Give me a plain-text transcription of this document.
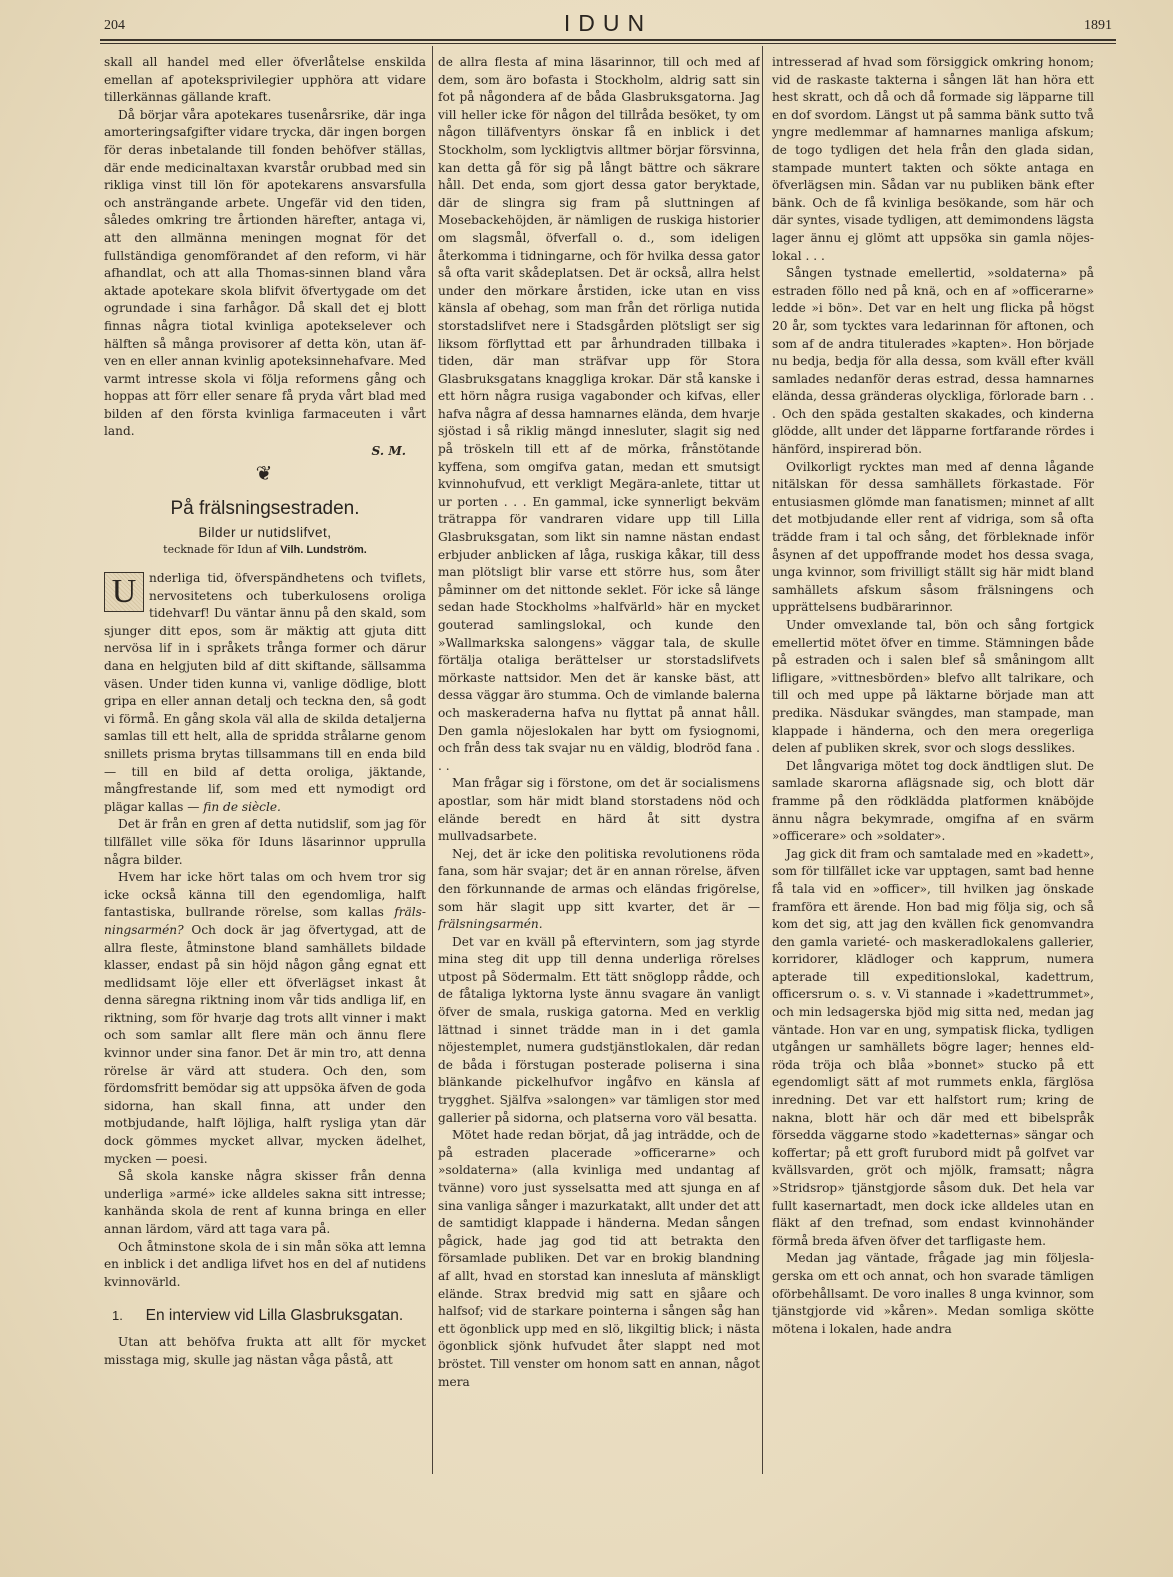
204	IDUN	1891

skall all handel med eller öfverlåtelse enskilda emellan af apoteksprivilegier upphöra att vidare tillerkännas gällande kraft.

Då börjar våra apotekares tusenårsrike, där inga amorteringsafgifter vidare trycka, där ingen borgen för deras inbetalande till fonden behöfver ställas, där ende medicinaltaxan kvarstår orubbad med sin rikliga vinst till lön för apotekarens ansvarsfulla och ansträngande arbete. Ungefär vid den tiden, således omkring tre årtionden härefter, antaga vi, att den allmänna meningen mognat för det fullständiga genomförandet af den reform, vi här afhandlat, och att alla Thomas-sinnen bland våra aktade apotekare skola blifvit öfvertygade om det ogrundade i sina farhågor. Då skall det ej blott finnas några tiotal kvinliga apotekselever och hälften så många provisorer af detta kön, utan äfven en eller annan kvinlig apoteksinnehafvare. Med varmt intresse skola vi följa reformens gång och hoppas att förr eller senare få pryda vårt blad med bilden af den första kvinliga farmaceuten i vårt land.

S. M.
❦
På frälsningsestraden.
Bilder ur nutidslifvet,
tecknade för Idun af Vilh. Lundström.

U	nderliga tid, öfverspändhetens och tviflets, nervositetens och tuberkulosens oroliga tidehvarf! Du väntar ännu på den skald, som sjunger ditt epos, som är mäktig att gjuta ditt nervösa lif in i språkets trånga former och därur dana en helgjuten bild af ditt skiftande, sällsamma väsen. Under tiden kunna vi, vanlige dödlige, blott gripa en eller annan detalj och teckna den, så godt vi förmå. En gång skola väl alla de skilda detaljerna samlas till ett helt, alla de spridda strålarne genom snillets prisma brytas tillsammans till en enda bild — till en bild af detta oroliga, jäktande, mångfrestande lif, som med ett nymodigt ord plägar kallas — fin de siècle.

Det är från en gren af detta nutidslif, som jag för tillfället ville söka för Iduns läsarinnor upprulla några bilder.

Hvem har icke hört talas om och hvem tror sig icke också känna till den egendomliga, halft fantastiska, bullrande rörelse, som kallas frälsningsarmén? Och dock är jag öfvertygad, att de allra fleste, åtminstone bland samhällets bildade klasser, endast på sin höjd någon gång egnat ett medlidsamt löje eller ett öfverlägset inkast åt denna säregna riktning inom vår tids andliga lif, en riktning, som för hvarje dag trots allt vinner i makt och som samlar allt flere män och ännu flere kvinnor under sina fanor. Det är min tro, att denna rörelse är värd att studera. Och den, som fördomsfritt bemödar sig att uppsöka äfven de goda sidorna, han skall finna, att under den motbjudande, halft löjliga, halft rysliga ytan där dock gömmes mycket allvar, mycken ädelhet, mycken — poesi.

Så skola kanske några skisser från denna underliga »armé» icke alldeles sakna sitt intresse; kanhända skola de rent af kunna bringa en eller annan lärdom, värd att taga vara på.

Och åtminstone skola de i sin mån söka att lemna en inblick i det andliga lifvet hos en del af nutidens kvinnovärld.

1. En interview vid Lilla Glasbruksgatan.

Utan att behöfva frukta att allt för mycket misstaga mig, skulle jag nästan våga påstå, att

de allra flesta af mina läsarinnor, till och med af dem, som äro bofasta i Stockholm, aldrig satt sin fot på någondera af de båda Glasbruksgatorna. Jag vill heller icke för någon del tillråda besöket, ty om någon tilläfventyrs önskar få en inblick i det Stockholm, som lyckligtvis alltmer börjar försvinna, kan detta gå för sig på långt bättre och säkrare håll. Det enda, som gjort dessa gator beryktade, där de slingra sig fram på sluttningen af Mosebackehöjden, är nämligen de ruskiga historier om slagsmål, öfverfall o. d., som ideligen återkomma i tidningarne, och för hvilka dessa gator så ofta varit skådeplatsen. Det är också, allra helst under den mörkare årstiden, icke utan en viss känsla af obehag, som man från det rörliga nutida storstadslifvet nere i Stadsgården plötsligt ser sig liksom förflyttad ett par århundraden tillbaka i tiden, där man sträfvar upp för Stora Glasbruksgatans knaggliga krokar. Där stå kanske i ett hörn några rusiga vagabonder och kifvas, eller hafva några af dessa hamnarnes elända, dem hvarje sjöstad i så riklig mängd innesluter, slagit sig ned på tröskeln till ett af de mörka, frånstötande kyffena, som omgifva gatan, medan ett smutsigt kvinnohufvud, ett verkligt Megära-anlete, tittar ut ur porten . . . En gammal, icke synnerligt bekväm trätrappa för vandraren vidare upp till Lilla Glasbruksgatan, som likt sin namne nästan endast erbjuder anblicken af låga, ruskiga kåkar, till dess man plötsligt blir varse ett större hus, som åter påminner om det nittonde seklet. För icke så länge sedan hade Stockholms »halfvärld» här en mycket gouterad samlingslokal, och kunde den »Wallmarkska salongens» väggar tala, de skulle förtälja otaliga berättelser ur storstadslifvets mörkaste nattsidor. Men det är kanske bäst, att dessa väggar äro stumma. Och de vimlande balerna och maskeraderna hafva nu flyttat på annat håll. Den gamla nöjeslokalen har bytt om fysiognomi, och från dess tak svajar nu en väldig, blodröd fana . . .

Man frågar sig i förstone, om det är socialismens apostlar, som här midt bland storstadens nöd och elände beredt en härd åt sitt dystra mullvadsarbete.

Nej, det är icke den politiska revolutionens röda fana, som här svajar; det är en annan rörelse, äfven den förkunnande de armas och eländas frigörelse, som här slagit upp sitt kvarter, det är — frälsningsarmén.

Det var en kväll på eftervintern, som jag styrde mina steg dit upp till denna underliga rörelses utpost på Södermalm. Ett tätt snöglopp rådde, och de fåtaliga lyktorna lyste ännu svagare än vanligt öfver de smala, ruskiga gatorna. Med en verklig lättnad i sinnet trädde man in i det gamla nöjestemplet, numera gudstjänstlokalen, där redan de båda i förstugan posterade poliserna i sina blänkande pickelhufvor ingåfvo en känsla af trygghet. Själfva »salongen» var tämligen stor med gallerier på sidorna, och platserna voro väl besatta.

Mötet hade redan börjat, då jag inträdde, och de på estraden placerade »officerarne» och »soldaterna» (alla kvinliga med undantag af tvänne) voro just sysselsatta med att sjunga en af sina vanliga sånger i mazurkatakt, allt under det att de samtidigt klappade i händerna. Medan sången pågick, hade jag god tid att betrakta den församlade publiken. Det var en brokig blandning af allt, hvad en storstad kan innesluta af mänskligt elände. Strax bredvid mig satt en sjåare och halfsof; vid de starkare pointerna i sången såg han ett ögonblick upp med en slö, likgiltig blick; i nästa ögonblick sjönk hufvudet åter slappt ned mot bröstet. Till venster om honom satt en annan, något mera

intresserad af hvad som försiggick omkring honom; vid de raskaste takterna i sången lät han höra ett hest skratt, och då och då formade sig läpparne till en dof svordom. Längst ut på samma bänk sutto två yngre medlemmar af hamnarnes manliga afskum; de togo tydligen det hela från den glada sidan, stampade muntert takten och sökte antaga en öfverlägsen min. Sådan var nu publiken bänk efter bänk. Och de få kvinliga besökande, som här och där syntes, visade tydligen, att demimondens lägsta lager ännu ej glömt att uppsöka sin gamla nöjeslokal . . .

Sången tystnade emellertid, »soldaterna» på estraden föllo ned på knä, och en af »officerarne» ledde »i bön». Det var en helt ung flicka på högst 20 år, som tycktes vara ledarinnan för aftonen, och som af de andra titulerades »kapten». Hon började nu bedja, bedja för alla dessa, som kväll efter kväll samlades nedanför deras estrad, dessa hamnarnes elända, dessa gränderas olyckliga, förlorade barn . . . Och den späda gestalten skakades, och kinderna glödde, allt under det läpparne fortfarande rördes i hänförd, inspirerad bön.

Ovilkorligt rycktes man med af denna lågande nitälskan för dessa samhällets förkastade. För entusiasmen glömde man fanatismen; minnet af allt det motbjudande eller rent af vidriga, som så ofta trädde fram i tal och sång, det förbleknade inför åsynen af det uppoffrande modet hos dessa svaga, unga kvinnor, som frivilligt ställt sig här midt bland samhällets afskum såsom frälsningens och upprättelsens budbärarinnor.

Under omvexlande tal, bön och sång fortgick emellertid mötet öfver en timme. Stämningen både på estraden och i salen blef så småningom allt lifligare, »vittnesbörden» blefvo allt talrikare, och till och med uppe på läktarne började man att predika. Näsdukar svängdes, man stampade, man klappade i händerna, och den mera oregerliga delen af publiken skrek, svor och slogs desslikes.

Det långvariga mötet tog dock ändtligen slut. De samlade skarorna aflägsnade sig, och blott där framme på den rödklädda platformen knäböjde ännu några bekymrade, omgifna af en svärm »officerare» och »soldater».

Jag gick dit fram och samtalade med en »kadett», som för tillfället icke var upptagen, samt bad henne få tala vid en »officer», till hvilken jag önskade framföra ett ärende. Hon bad mig följa sig, och så kom det sig, att jag den kvällen fick genomvandra den gamla varieté- och maskeradlokalens gallerier, korridorer, klädloger och kapprum, numera apterade till expeditionslokal, kadettrum, officersrum o. s. v. Vi stannade i »kadettrummet», och min ledsagerska bjöd mig sitta ned, medan jag väntade. Hon var en ung, sympatisk flicka, tydligen utgången ur samhällets bögre lager; hennes eldröda tröja och blåa »bonnet» stucko på ett egendomligt sätt af mot rummets enkla, färglösa inredning. Det var ett halfstort rum; kring de nakna, blott här och där med ett bibelspråk försedda väggarne stodo »kadetternas» sängar och koffertar; på ett groft furubord midt på golfvet var kvällsvarden, gröt och mjölk, framsatt; några »Stridsrop» tjänstgjorde såsom duk. Det hela var fullt kasernartadt, men dock icke alldeles utan en fläkt af den trefnad, som endast kvinnohänder förmå breda äfven öfver det tarfligaste hem.

Medan jag väntade, frågade jag min följeslagerska om ett och annat, och hon svarade tämligen oförbehållsamt. De voro inalles 8 unga kvinnor, som tjänstgjorde vid »kåren». Medan somliga skötte mötena i lokalen, hade andra
